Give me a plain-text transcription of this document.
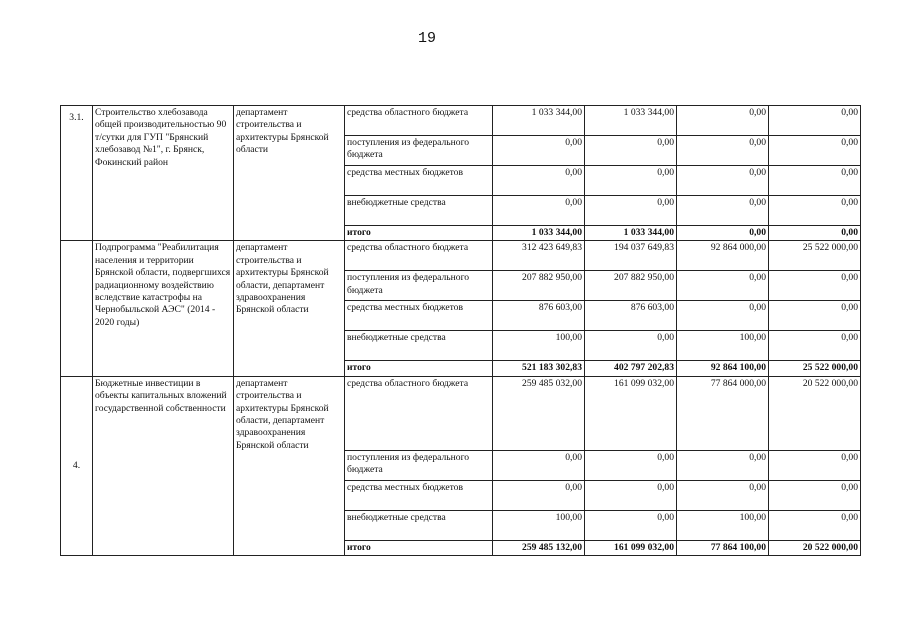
19
3.1.	Строительство хлебозавода общей производительностью 90 т/сутки для ГУП "Брянский хлебозавод №1", г. Брянск, Фокинский район	департамент строительства и архитектуры Брянской области	средства областного бюджета	1 033 344,00	1 033 344,00	0,00	0,00
			поступления из федерального бюджета	0,00	0,00	0,00	0,00
			средства местных бюджетов	0,00	0,00	0,00	0,00
			внебюджетные средства	0,00	0,00	0,00	0,00
			итого	1 033 344,00	1 033 344,00	0,00	0,00
	Подпрограмма "Реабилитация населения и территории Брянской области, подвергшихся радиационному воздействию вследствие катастрофы на Чернобыльской АЭС" (2014 - 2020 годы)	департамент строительства и архитектуры Брянской области, департамент здравоохранения Брянской области	средства областного бюджета	312 423 649,83	194 037 649,83	92 864 000,00	25 522 000,00
			поступления из федерального бюджета	207 882 950,00	207 882 950,00	0,00	0,00
			средства местных бюджетов	876 603,00	876 603,00	0,00	0,00
			внебюджетные средства	100,00	0,00	100,00	0,00
			итого	521 183 302,83	402 797 202,83	92 864 100,00	25 522 000,00
4.	Бюджетные инвестиции в объекты капитальных вложений государственной собственности	департамент строительства и архитектуры Брянской области, департамент здравоохранения Брянской области	средства областного бюджета	259 485 032,00	161 099 032,00	77 864 000,00	20 522 000,00
			поступления из федерального бюджета	0,00	0,00	0,00	0,00
			средства местных бюджетов	0,00	0,00	0,00	0,00
			внебюджетные средства	100,00	0,00	100,00	0,00
			итого	259 485 132,00	161 099 032,00	77 864 100,00	20 522 000,00
